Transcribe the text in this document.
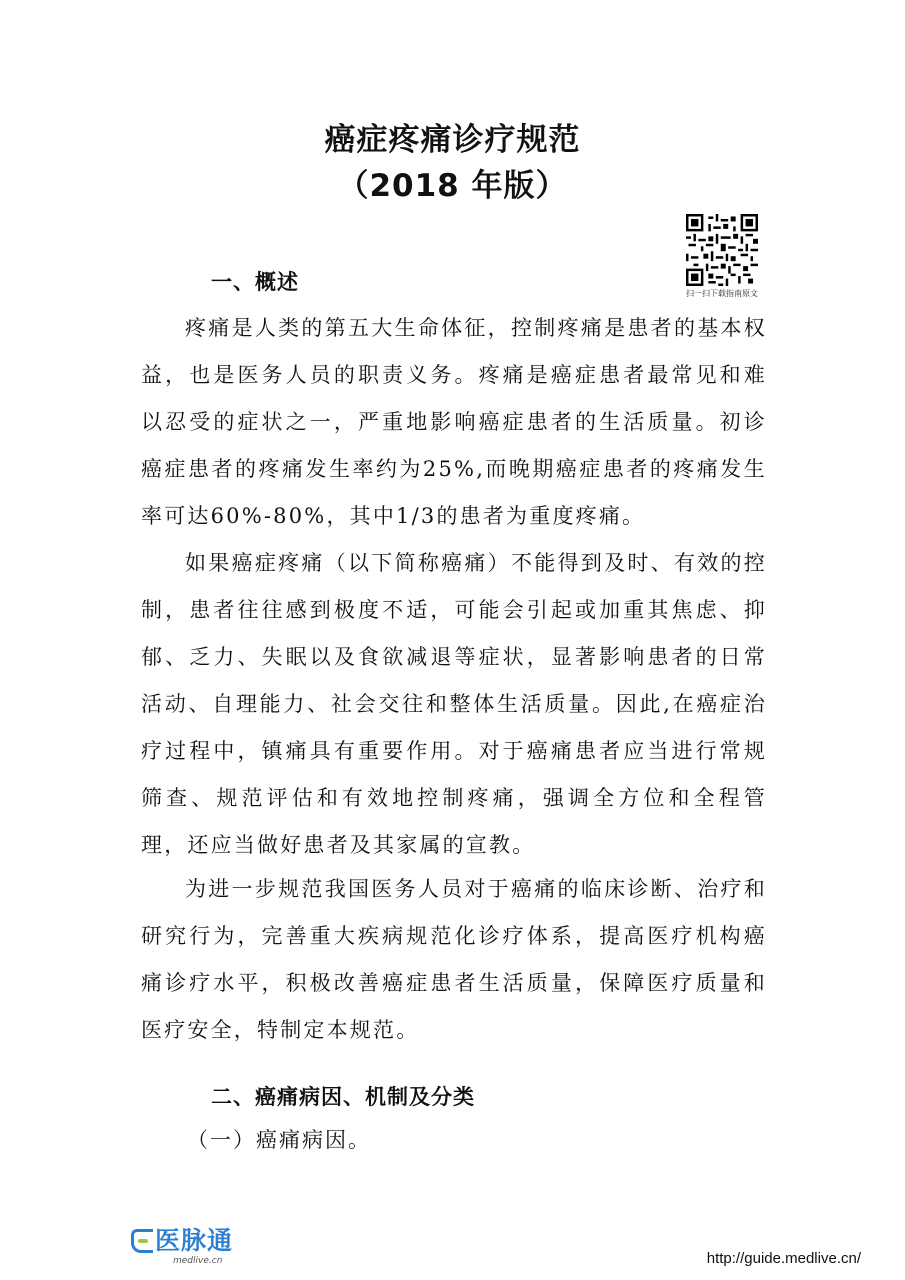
癌症疼痛诊疗规范
（2018 年版）
扫一扫下载指南原文
一、概述

疼痛是人类的第五大生命体征，控制疼痛是患者的基本权益，也是医务人员的职责义务。疼痛是癌症患者最常见和难以忍受的症状之一，严重地影响癌症患者的生活质量。初诊癌症患者的疼痛发生率约为25%,而晚期癌症患者的疼痛发生率可达60%-80%，其中1/3的患者为重度疼痛。

如果癌症疼痛（以下简称癌痛）不能得到及时、有效的控制，患者往往感到极度不适，可能会引起或加重其焦虑、抑郁、乏力、失眠以及食欲减退等症状，显著影响患者的日常活动、自理能力、社会交往和整体生活质量。因此,在癌症治疗过程中，镇痛具有重要作用。对于癌痛患者应当进行常规筛查、规范评估和有效地控制疼痛，强调全方位和全程管理，还应当做好患者及其家属的宣教。

为进一步规范我国医务人员对于癌痛的临床诊断、治疗和研究行为，完善重大疾病规范化诊疗体系，提高医疗机构癌痛诊疗水平，积极改善癌症患者生活质量，保障医疗质量和医疗安全，特制定本规范。

二、癌痛病因、机制及分类

（一）癌痛病因。

医脉通
medlive.cn	http://guide.medlive.cn/
